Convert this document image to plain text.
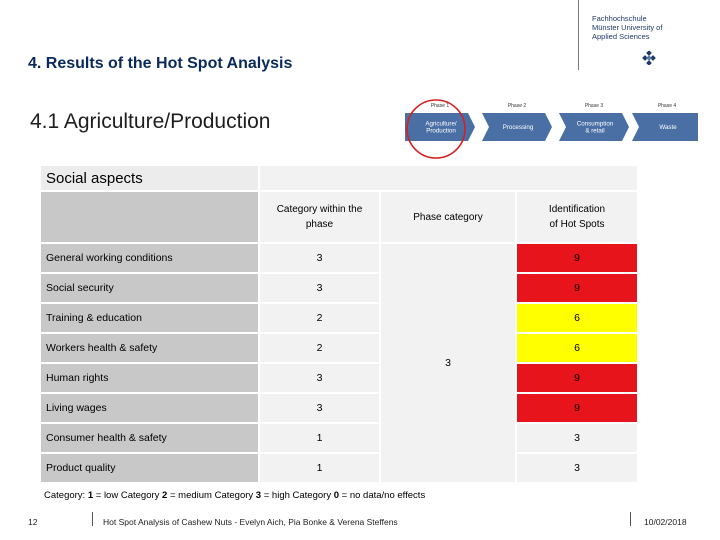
Fachhochschule
Münster University of
Applied Sciences
4. Results of the Hot Spot Analysis
4.1 Agriculture/Production
Phase 1
Agriculture/
Production
Phase 2
Processing
Phase 3
Consumption
& retail
Phase 4
Waste
Social aspects
Category within the
phase
Phase category
Identification
of Hot Spots
3
General working conditions	3	9
Social security	3	9
Training & education	2	6
Workers health & safety	2	6
Human rights	3	9
Living wages	3	9
Consumer health & safety	1	3
Product quality	1	3
Category: 1 = low Category 2 = medium Category 3 = high Category 0 = no data/no effects
12	Hot Spot Analysis of Cashew Nuts - Evelyn Aich, Pia Bonke & Verena Steffens	10/02/2018
